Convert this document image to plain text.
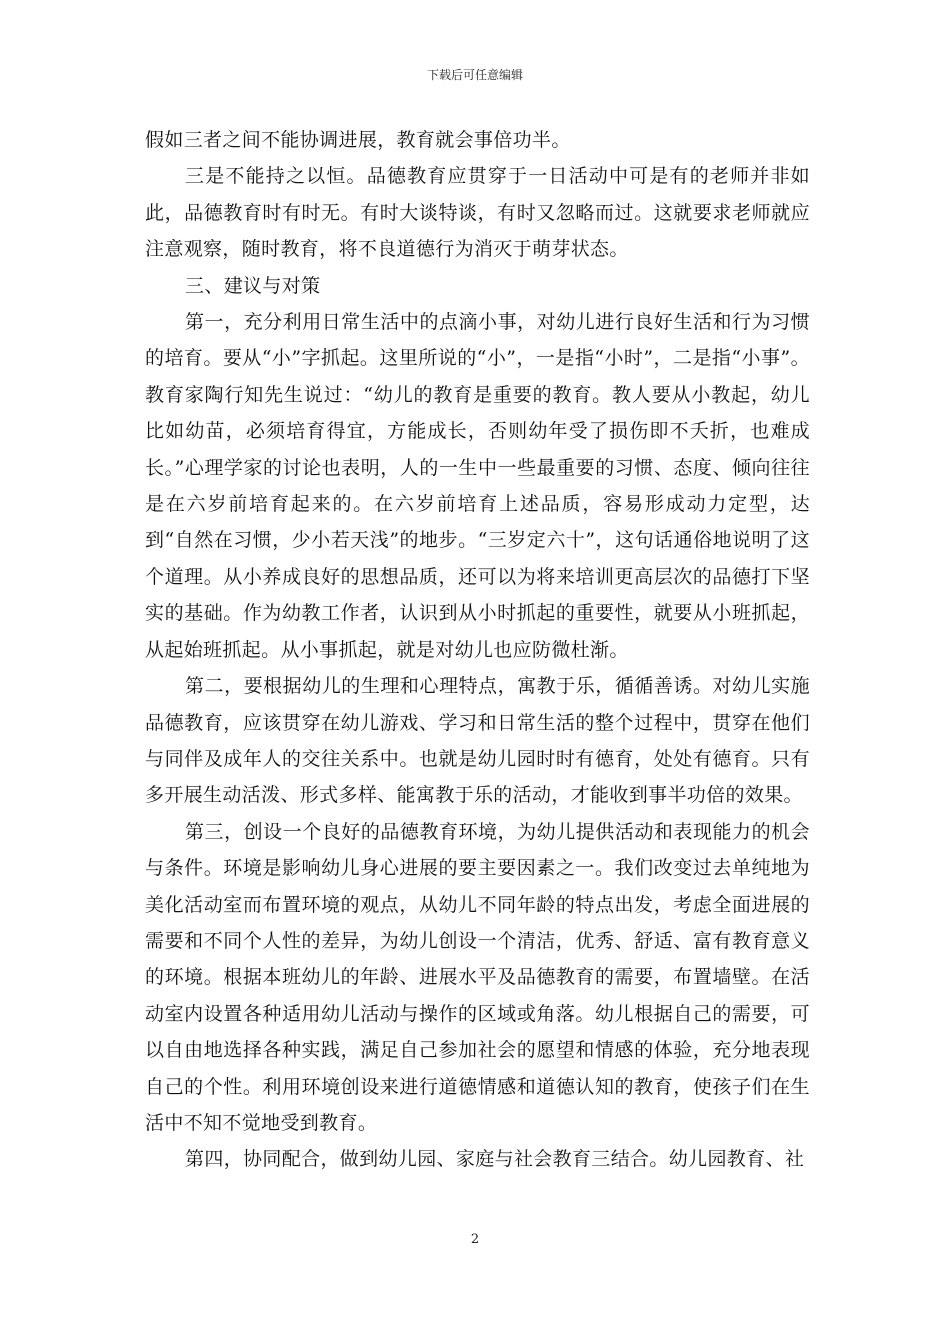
下载后可任意编辑

假如三者之间不能协调进展，教育就会事倍功半。

三是不能持之以恒。品德教育应贯穿于一日活动中可是有的老师并非如此，品德教育时有时无。有时大谈特谈，有时又忽略而过。这就要求老师就应注意观察，随时教育，将不良道德行为消灭于萌芽状态。

三、建议与对策

第一，充分利用日常生活中的点滴小事，对幼儿进行良好生活和行为习惯的培育。要从“小”字抓起。这里所说的“小”，一是指“小时”，二是指“小事”。教育家陶行知先生说过：“幼儿的教育是重要的教育。教人要从小教起，幼儿比如幼苗，必须培育得宜，方能成长，否则幼年受了损伤即不夭折，也难成长。”心理学家的讨论也表明，人的一生中一些最重要的习惯、态度、倾向往往是在六岁前培育起来的。在六岁前培育上述品质，容易形成动力定型，达到“自然在习惯，少小若天浅”的地步。“三岁定六十”，这句话通俗地说明了这个道理。从小养成良好的思想品质，还可以为将来培训更高层次的品德打下坚实的基础。作为幼教工作者，认识到从小时抓起的重要性，就要从小班抓起，从起始班抓起。从小事抓起，就是对幼儿也应防微杜渐。

第二，要根据幼儿的生理和心理特点，寓教于乐，循循善诱。对幼儿实施品德教育，应该贯穿在幼儿游戏、学习和日常生活的整个过程中，贯穿在他们与同伴及成年人的交往关系中。也就是幼儿园时时有德育，处处有德育。只有多开展生动活泼、形式多样、能寓教于乐的活动，才能收到事半功倍的效果。

第三，创设一个良好的品德教育环境，为幼儿提供活动和表现能力的机会与条件。环境是影响幼儿身心进展的要主要因素之一。我们改变过去单纯地为美化活动室而布置环境的观点，从幼儿不同年龄的特点出发，考虑全面进展的需要和不同个人性的差异，为幼儿创设一个清洁，优秀、舒适、富有教育意义的环境。根据本班幼儿的年龄、进展水平及品德教育的需要，布置墙壁。在活动室内设置各种适用幼儿活动与操作的区域或角落。幼儿根据自己的需要，可以自由地选择各种实践，满足自己参加社会的愿望和情感的体验，充分地表现自己的个性。利用环境创设来进行道德情感和道德认知的教育，使孩子们在生活中不知不觉地受到教育。

第四，协同配合，做到幼儿园、家庭与社会教育三结合。幼儿园教育、社

2
